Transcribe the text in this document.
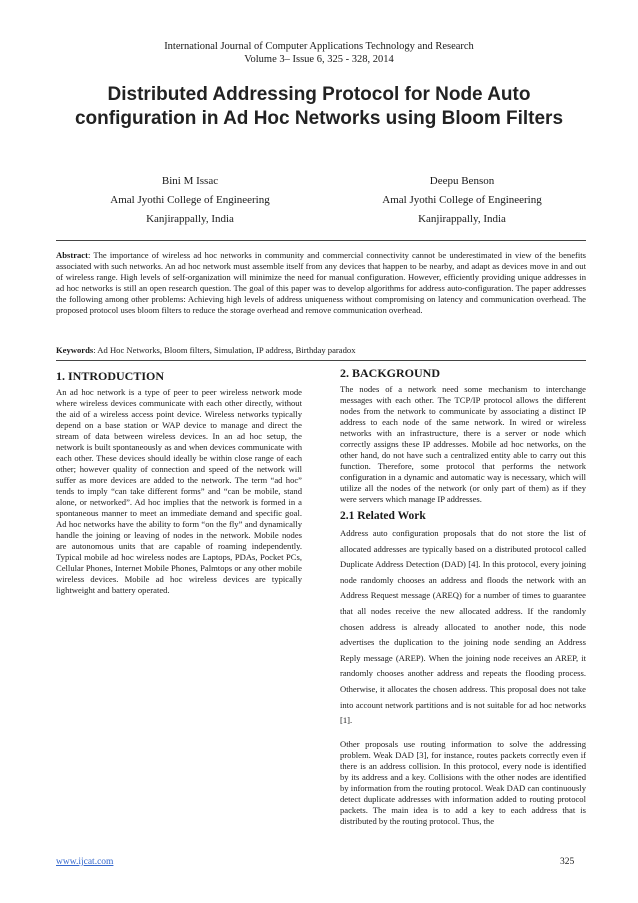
International Journal of Computer Applications Technology and Research
Volume 3– Issue 6, 325 - 328, 2014
Distributed Addressing Protocol for Node Auto
configuration in Ad Hoc Networks using Bloom Filters
Bini M Issac
Amal Jyothi College of Engineering
Kanjirappally, India
Deepu Benson
Amal Jyothi College of Engineering
Kanjirappally, India
Abstract: The importance of wireless ad hoc networks in community and commercial connectivity cannot be underestimated in view of the benefits associated with such networks. An ad hoc network must assemble itself from any devices that happen to be nearby, and adapt as devices move in and out of wireless range. High levels of self-organization will minimize the need for manual configuration. However, efficiently providing unique addresses in ad hoc networks is still an open research question. The goal of this paper was to develop algorithms for address auto-configuration. The paper addresses the following among other problems: Achieving high levels of address uniqueness without compromising on latency and communication overhead. The proposed protocol uses bloom filters to reduce the storage overhead and remove communication overhead.
Keywords: Ad Hoc Networks, Bloom filters, Simulation, IP address, Birthday paradox
1. INTRODUCTION

An ad hoc network is a type of peer to peer wireless network mode where wireless devices communicate with each other directly, without the aid of a wireless access point device. Wireless networks typically depend on a base station or WAP device to manage and direct the stream of data between wireless devices. In an ad hoc setup, the network is built spontaneously as and when devices communicate with each other. These devices should ideally be within close range of each other; however quality of connection and speed of the network will suffer as more devices are added to the network. The term “ad hoc” tends to imply “can take different forms” and “can be mobile, stand alone, or networked”. Ad hoc implies that the network is formed in a spontaneous manner to meet an immediate demand and specific goal. Ad hoc networks have the ability to form “on the fly” and dynamically handle the joining or leaving of nodes in the network. Mobile nodes are autonomous units that are capable of roaming independently. Typical mobile ad hoc wireless nodes are Laptops, PDAs, Pocket PCs, Cellular Phones, Internet Mobile Phones, Palmtops or any other mobile wireless devices. Mobile ad hoc wireless devices are typically lightweight and battery operated.

2. BACKGROUND

The nodes of a network need some mechanism to interchange messages with each other. The TCP/IP protocol allows the different nodes from the network to communicate by associating a distinct IP address to each node of the same network. In wired or wireless networks with an infrastructure, there is a server or node which correctly assigns these IP addresses. Mobile ad hoc networks, on the other hand, do not have such a centralized entity able to carry out this function. Therefore, some protocol that performs the network configuration in a dynamic and automatic way is necessary, which will utilize all the nodes of the network (or only part of them) as if they were servers which manage IP addresses.

2.1 Related Work

Address auto configuration proposals that do not store the list of allocated addresses are typically based on a distributed protocol called Duplicate Address Detection (DAD) [4]. In this protocol, every joining node randomly chooses an address and floods the network with an Address Request message (AREQ) for a number of times to guarantee that all nodes receive the new allocated address. If the randomly chosen address is already allocated to another node, this node advertises the duplication to the joining node sending an Address Reply message (AREP). When the joining node receives an AREP, it randomly chooses another address and repeats the flooding process. Otherwise, it allocates the chosen address. This proposal does not take into account network partitions and is not suitable for ad hoc networks [1].

Other proposals use routing information to solve the addressing problem. Weak DAD [3], for instance, routes packets correctly even if there is an address collision. In this protocol, every node is identified by its address and a key. Collisions with the other nodes are identified by information from the routing protocol. Weak DAD can continuously detect duplicate addresses with information added to routing protocol packets. The main idea is to add a key to each address that is distributed by the routing protocol. Thus, the

www.ijcat.com	325
